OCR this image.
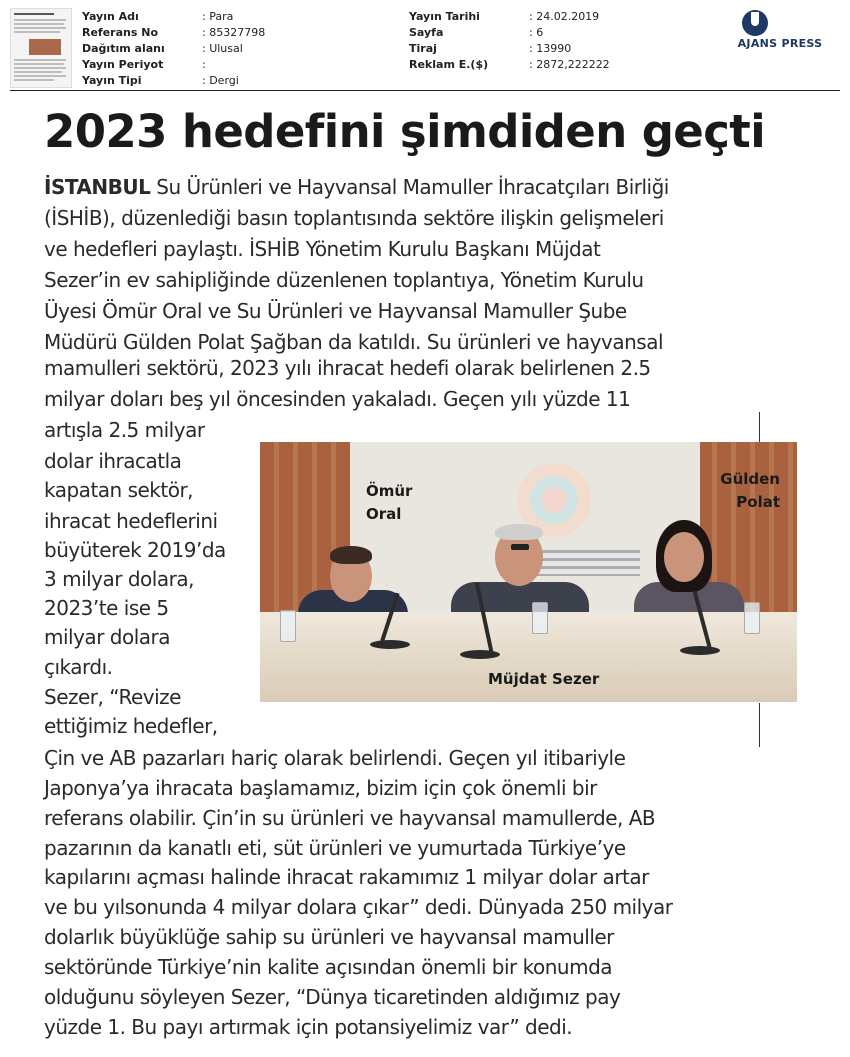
Yayın Adı	: Para
Referans No	: 85327798
Dağıtım alanı	: Ulusal
Yayın Periyot	:
Yayın Tipi	: Dergi
Yayın Tarihi	: 24.02.2019
Sayfa	: 6
Tiraj	: 13990
Reklam E.($)	: 2872,222222
AJANS PRESS
2023 hedefini şimdiden geçti
İSTANBUL Su Ürünleri ve Hayvansal Mamuller İhracatçıları Birliği
(İSHİB), düzenlediği basın toplantısında sektöre ilişkin gelişmeleri
ve hedefleri paylaştı. İSHİB Yönetim Kurulu Başkanı Müjdat
Sezer’in ev sahipliğinde düzenlenen toplantıya, Yönetim Kurulu
Üyesi Ömür Oral ve Su Ürünleri ve Hayvansal Mamuller Şube
Müdürü Gülden Polat Şağban da katıldı. Su ürünleri ve hayvansal
mamulleri sektörü, 2023 yılı ihracat hedefi olarak belirlenen 2.5
milyar doları beş yıl öncesinden yakaladı. Geçen yılı yüzde 11
artışla 2.5 milyar
dolar ihracatla
kapatan sektör,
ihracat hedeflerini
büyüterek 2019’da
3 milyar dolara,
2023’te ise 5
milyar dolara
çıkardı.
Sezer, “Revize
ettiğimiz hedefler,
Çin ve AB pazarları hariç olarak belirlendi. Geçen yıl itibariyle
Japonya’ya ihracata başlamamız, bizim için çok önemli bir
referans olabilir. Çin’in su ürünleri ve hayvansal mamullerde, AB
pazarının da kanatlı eti, süt ürünleri ve yumurtada Türkiye’ye
kapılarını açması halinde ihracat rakamımız 1 milyar dolar artar
ve bu yılsonunda 4 milyar dolara çıkar” dedi. Dünyada 250 milyar
dolarlık büyüklüğe sahip su ürünleri ve hayvansal mamuller
sektöründe Türkiye’nin kalite açısından önemli bir konumda
olduğunu söyleyen Sezer, “Dünya ticaretinden aldığımız pay
yüzde 1. Bu payı artırmak için potansiyelimiz var” dedi.
Ömür
Oral
Gülden
Polat
Müjdat Sezer
